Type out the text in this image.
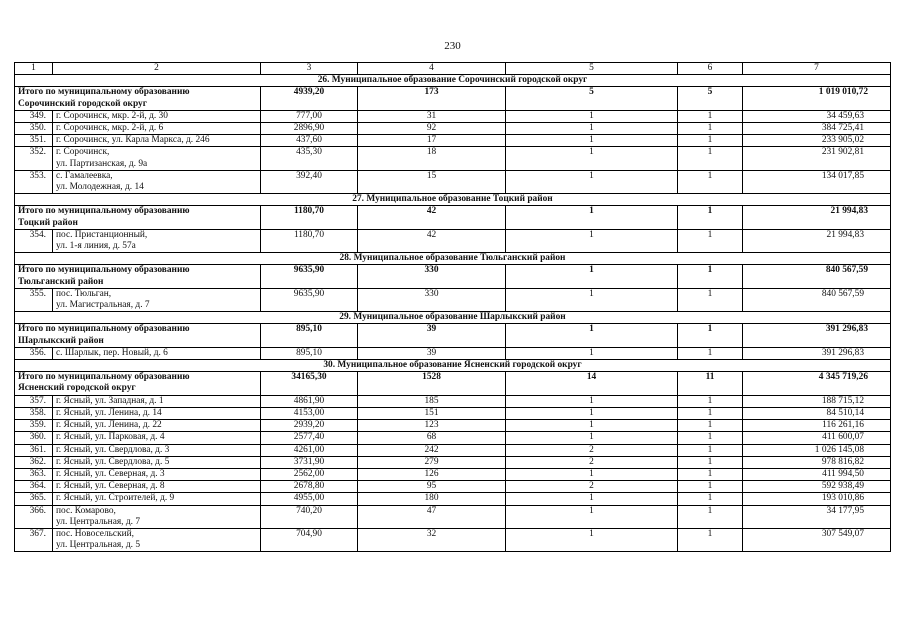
230
1	2	3	4	5	6	7
26. Муниципальное образование Сорочинский городской округ						

Итого по муниципальному образованию
Сорочинский городской округ		4939,20	173	5	5	1 019 010,72
349.	г. Сорочинск, мкр. 2-й, д. 30	777,00	31	1	1	34 459,63
350.	г. Сорочинск, мкр. 2-й, д. 6	2896,90	92	1	1	384 725,41
351.	г. Сорочинск, ул. Карла Маркса, д. 246	437,60	17	1	1	233 905,02
352.	г. Сорочинск,
ул. Партизанская, д. 9а	435,30	18	1	1	231 902,81
353.	с. Гамалеевка,
ул. Молодежная, д. 14	392,40	15	1	1	134 017,85
27. Муниципальное образование Тоцкий район						

Итого по муниципальному образованию
Тоцкий район		1180,70	42	1	1	21 994,83
354.	пос. Пристанционный,
ул. 1-я линия, д. 57а	1180,70	42	1	1	21 994,83
28. Муниципальное образование Тюльганский район						

Итого по муниципальному образованию
Тюльганский район		9635,90	330	1	1	840 567,59
355.	пос. Тюльган,
ул. Магистральная, д. 7	9635,90	330	1	1	840 567,59
29. Муниципальное образование Шарлыкский район						

Итого по муниципальному образованию
Шарлыкский район		895,10	39	1	1	391 296,83
356.	с. Шарлык, пер. Новый, д. 6	895,10	39	1	1	391 296,83
30. Муниципальное образование Ясненский городской округ						

Итого по муниципальному образованию
Ясненский городской округ		34165,30	1528	14	11	4 345 719,26
357.	г. Ясный, ул. Западная, д. 1	4861,90	185	1	1	188 715,12
358.	г. Ясный, ул. Ленина, д. 14	4153,00	151	1	1	84 510,14
359.	г. Ясный, ул. Ленина, д. 22	2939,20	123	1	1	116 261,16
360.	г. Ясный, ул. Парковая, д. 4	2577,40	68	1	1	411 600,07
361.	г. Ясный, ул. Свердлова, д. 3	4261,00	242	2	1	1 026 145,08
362.	г. Ясный, ул. Свердлова, д. 5	3731,90	279	2	1	978 816,82
363.	г. Ясный, ул. Северная, д. 3	2562,00	126	1	1	411 994,50
364.	г. Ясный, ул. Северная, д. 8	2678,80	95	2	1	592 938,49
365.	г. Ясный, ул. Строителей, д. 9	4955,00	180	1	1	193 010,86
366.	пос. Комарово,
ул. Центральная, д. 7	740,20	47	1	1	34 177,95
367.	пос. Новосельский,
ул. Центральная, д. 5	704,90	32	1	1	307 549,07
